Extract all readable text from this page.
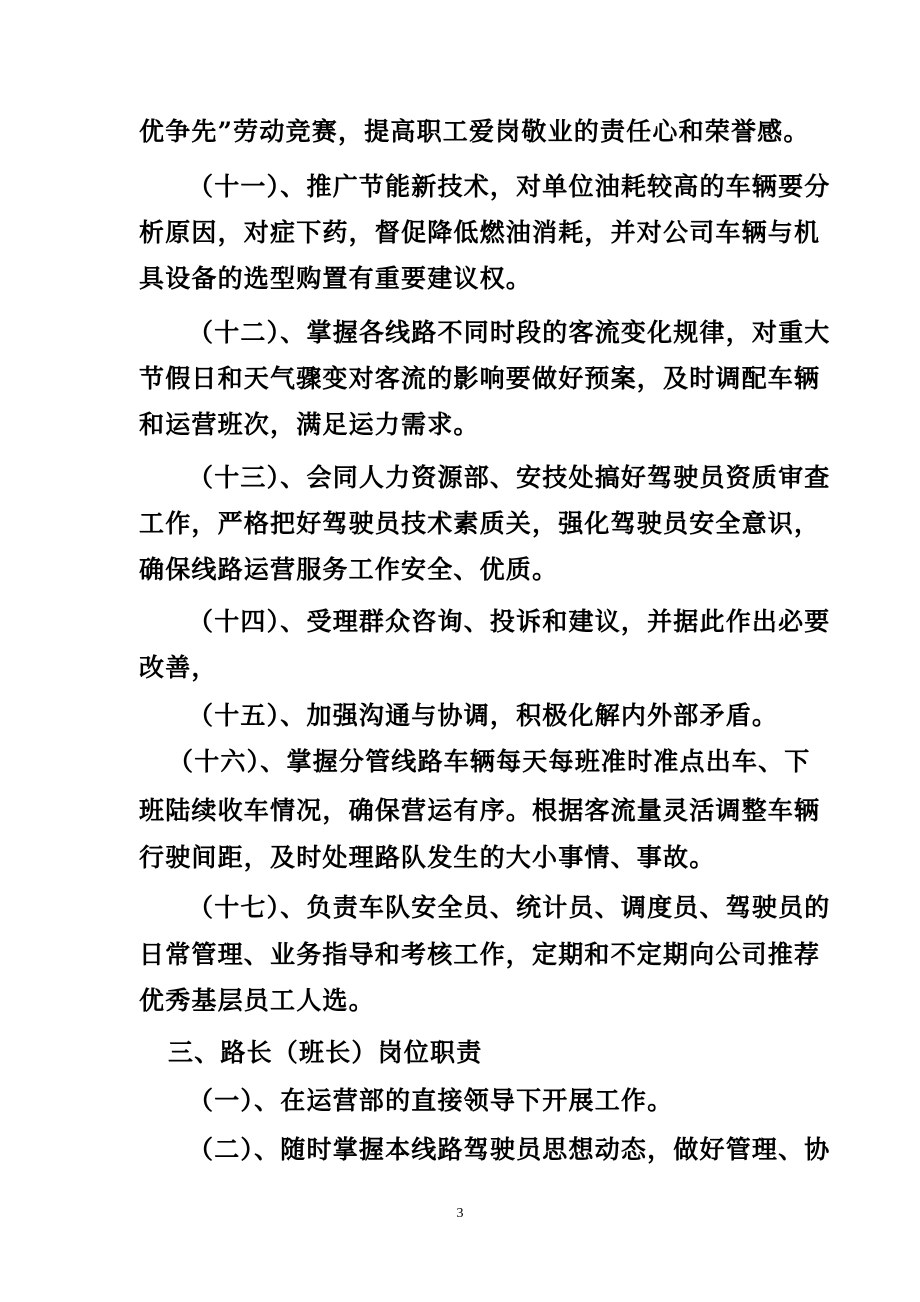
优争先”劳动竞赛，提高职工爱岗敬业的责任心和荣誉感。
（十一）、推广节能新技术，对单位油耗较高的车辆要分
析原因，对症下药，督促降低燃油消耗，并对公司车辆与机
具设备的选型购置有重要建议权。
（十二）、掌握各线路不同时段的客流变化规律，对重大
节假日和天气骤变对客流的影响要做好预案，及时调配车辆
和运营班次，满足运力需求。
（十三）、会同人力资源部、安技处搞好驾驶员资质审查
工作，严格把好驾驶员技术素质关，强化驾驶员安全意识，
确保线路运营服务工作安全、优质。
（十四）、受理群众咨询、投诉和建议，并据此作出必要
改善，
（十五）、加强沟通与协调，积极化解内外部矛盾。
（十六）、掌握分管线路车辆每天每班准时准点出车、下
班陆续收车情况，确保营运有序。根据客流量灵活调整车辆
行驶间距，及时处理路队发生的大小事情、事故。
（十七）、负责车队安全员、统计员、调度员、驾驶员的
日常管理、业务指导和考核工作，定期和不定期向公司推荐
优秀基层员工人选。
三、路长（班长）岗位职责
（一）、在运营部的直接领导下开展工作。
（二）、随时掌握本线路驾驶员思想动态，做好管理、协
3
